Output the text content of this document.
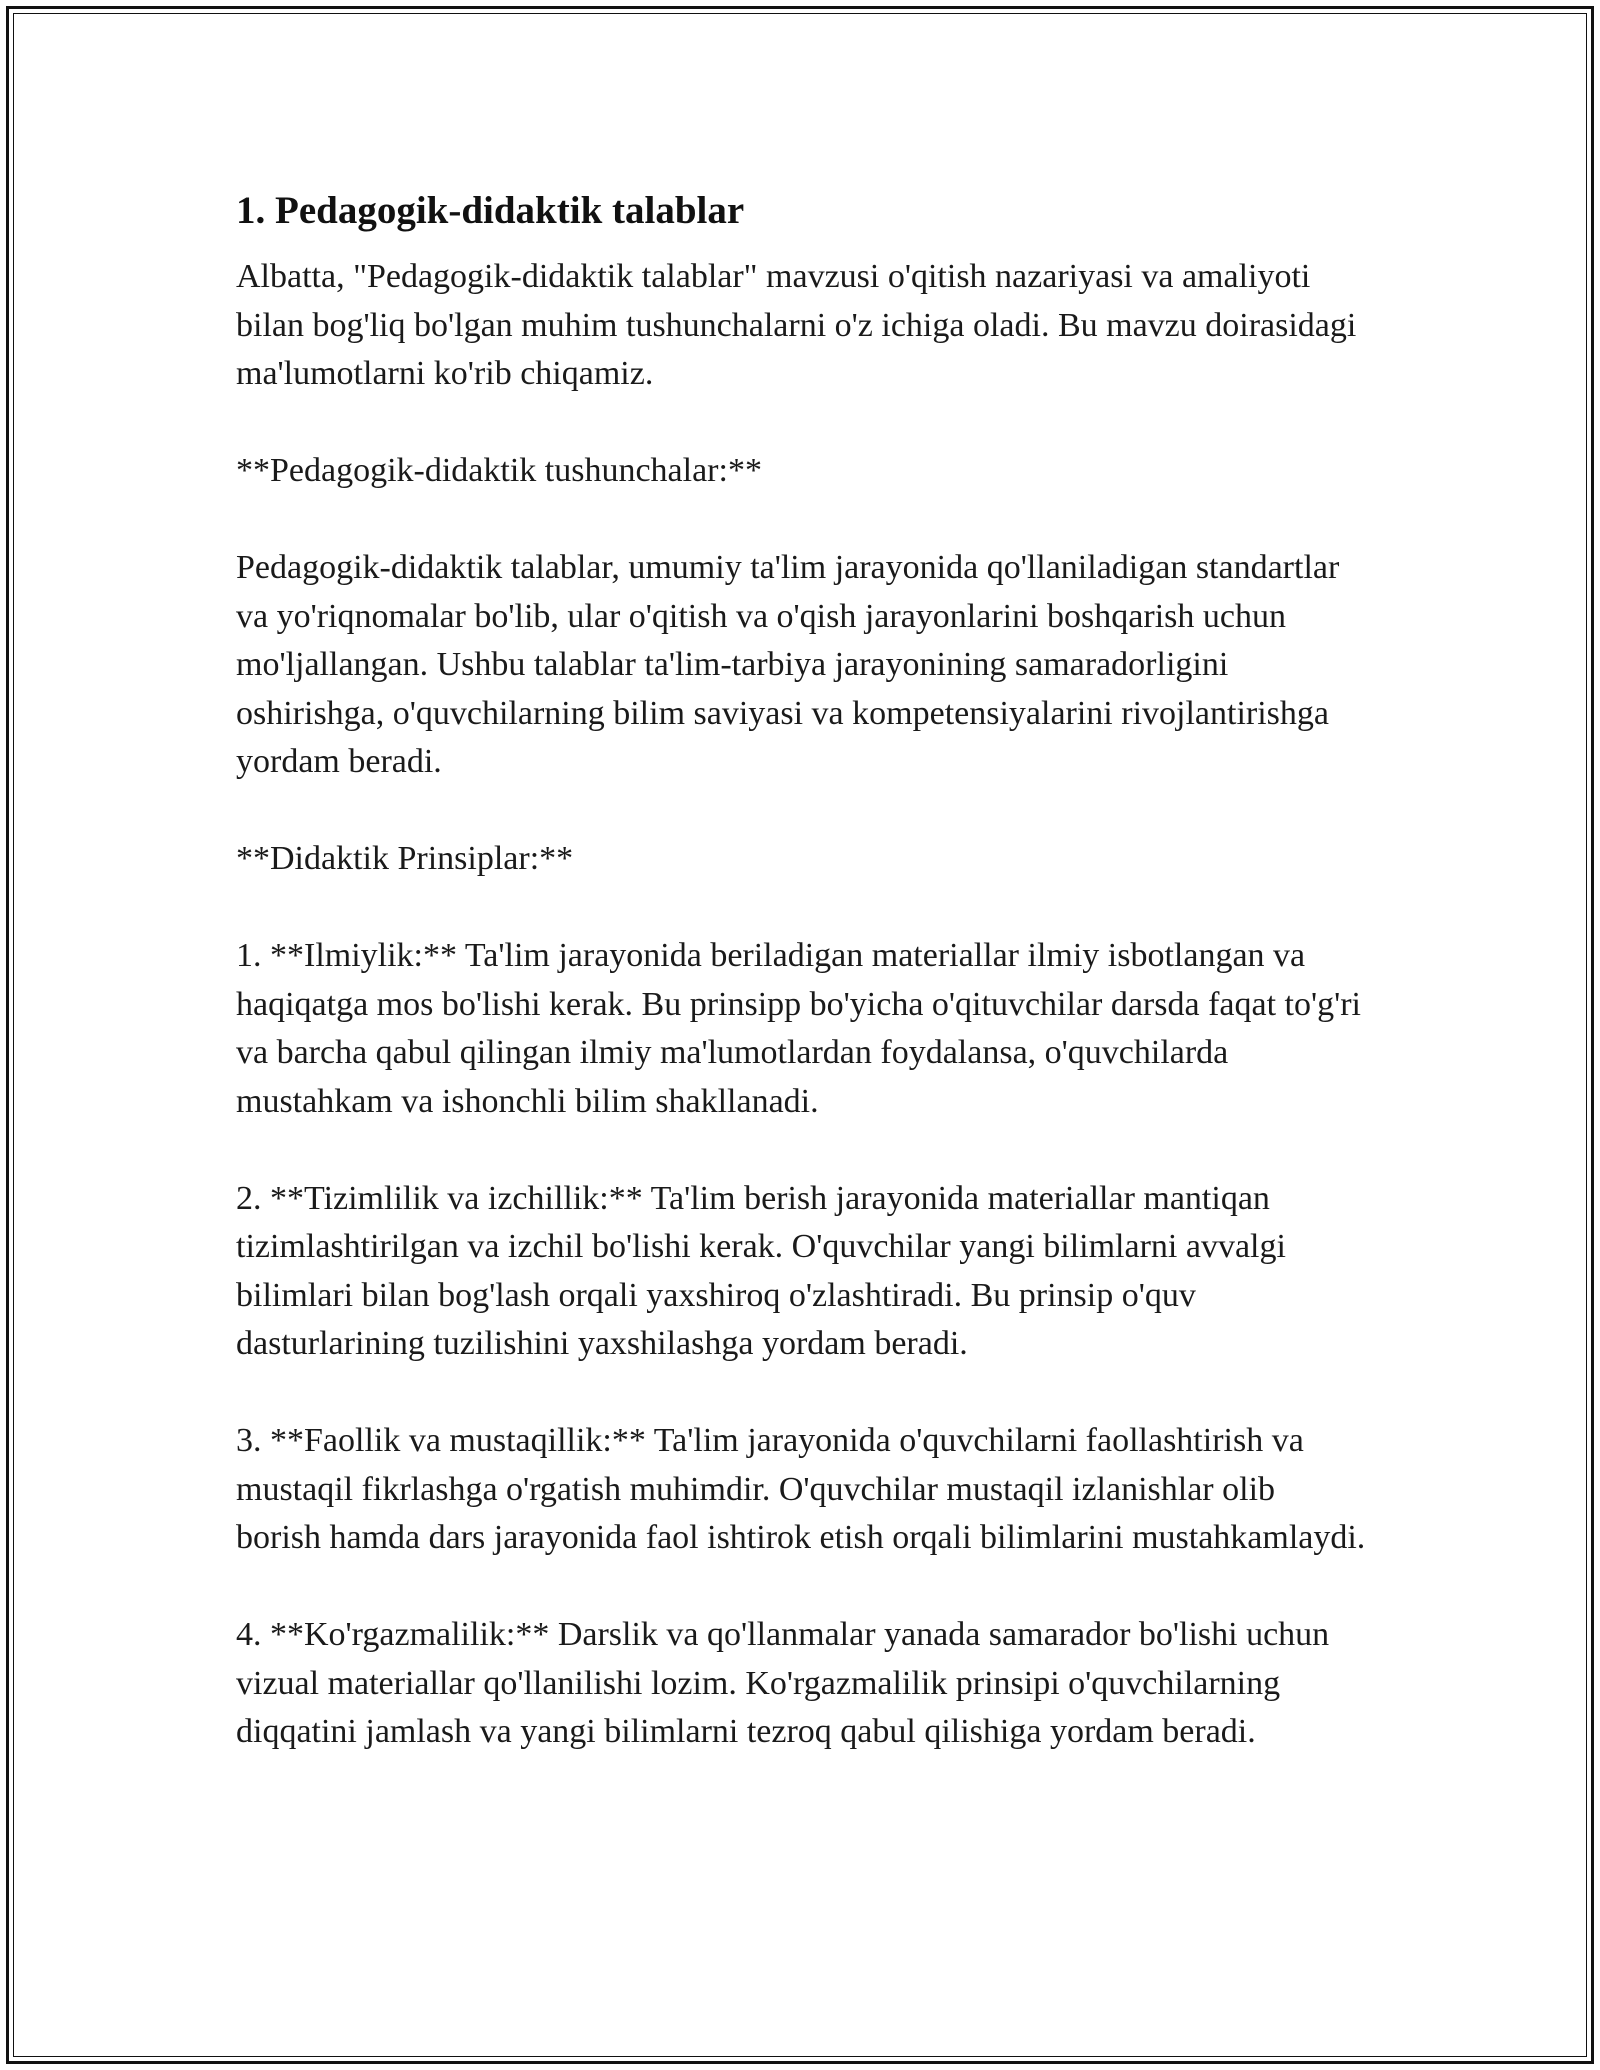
1. Pedagogik-didaktik talablar

Albatta, "Pedagogik-didaktik talablar" mavzusi o'qitish nazariyasi va amaliyoti bilan bog'liq bo'lgan muhim tushunchalarni o'z ichiga oladi. Bu mavzu doirasidagi ma'lumotlarni ko'rib chiqamiz.

**Pedagogik-didaktik tushunchalar:**

Pedagogik-didaktik talablar, umumiy ta'lim jarayonida qo'llaniladigan standartlar va yo'riqnomalar bo'lib, ular o'qitish va o'qish jarayonlarini boshqarish uchun mo'ljallangan. Ushbu talablar ta'lim-tarbiya jarayonining samaradorligini oshirishga, o'quvchilarning bilim saviyasi va kompetensiyalarini rivojlantirishga yordam beradi.

**Didaktik Prinsiplar:**

1. **Ilmiylik:** Ta'lim jarayonida beriladigan materiallar ilmiy isbotlangan va haqiqatga mos bo'lishi kerak. Bu prinsipp bo'yicha o'qituvchilar darsda faqat to'g'ri va barcha qabul qilingan ilmiy ma'lumotlardan foydalansa, o'quvchilarda mustahkam va ishonchli bilim shakllanadi.

2. **Tizimlilik va izchillik:** Ta'lim berish jarayonida materiallar mantiqan tizimlashtirilgan va izchil bo'lishi kerak. O'quvchilar yangi bilimlarni avvalgi bilimlari bilan bog'lash orqali yaxshiroq o'zlashtiradi. Bu prinsip o'quv dasturlarining tuzilishini yaxshilashga yordam beradi.

3. **Faollik va mustaqillik:** Ta'lim jarayonida o'quvchilarni faollashtirish va mustaqil fikrlashga o'rgatish muhimdir. O'quvchilar mustaqil izlanishlar olib borish hamda dars jarayonida faol ishtirok etish orqali bilimlarini mustahkamlaydi.

4. **Ko'rgazmalilik:** Darslik va qo'llanmalar yanada samarador bo'lishi uchun vizual materiallar qo'llanilishi lozim. Ko'rgazmalilik prinsipi o'quvchilarning diqqatini jamlash va yangi bilimlarni tezroq qabul qilishiga yordam beradi.
